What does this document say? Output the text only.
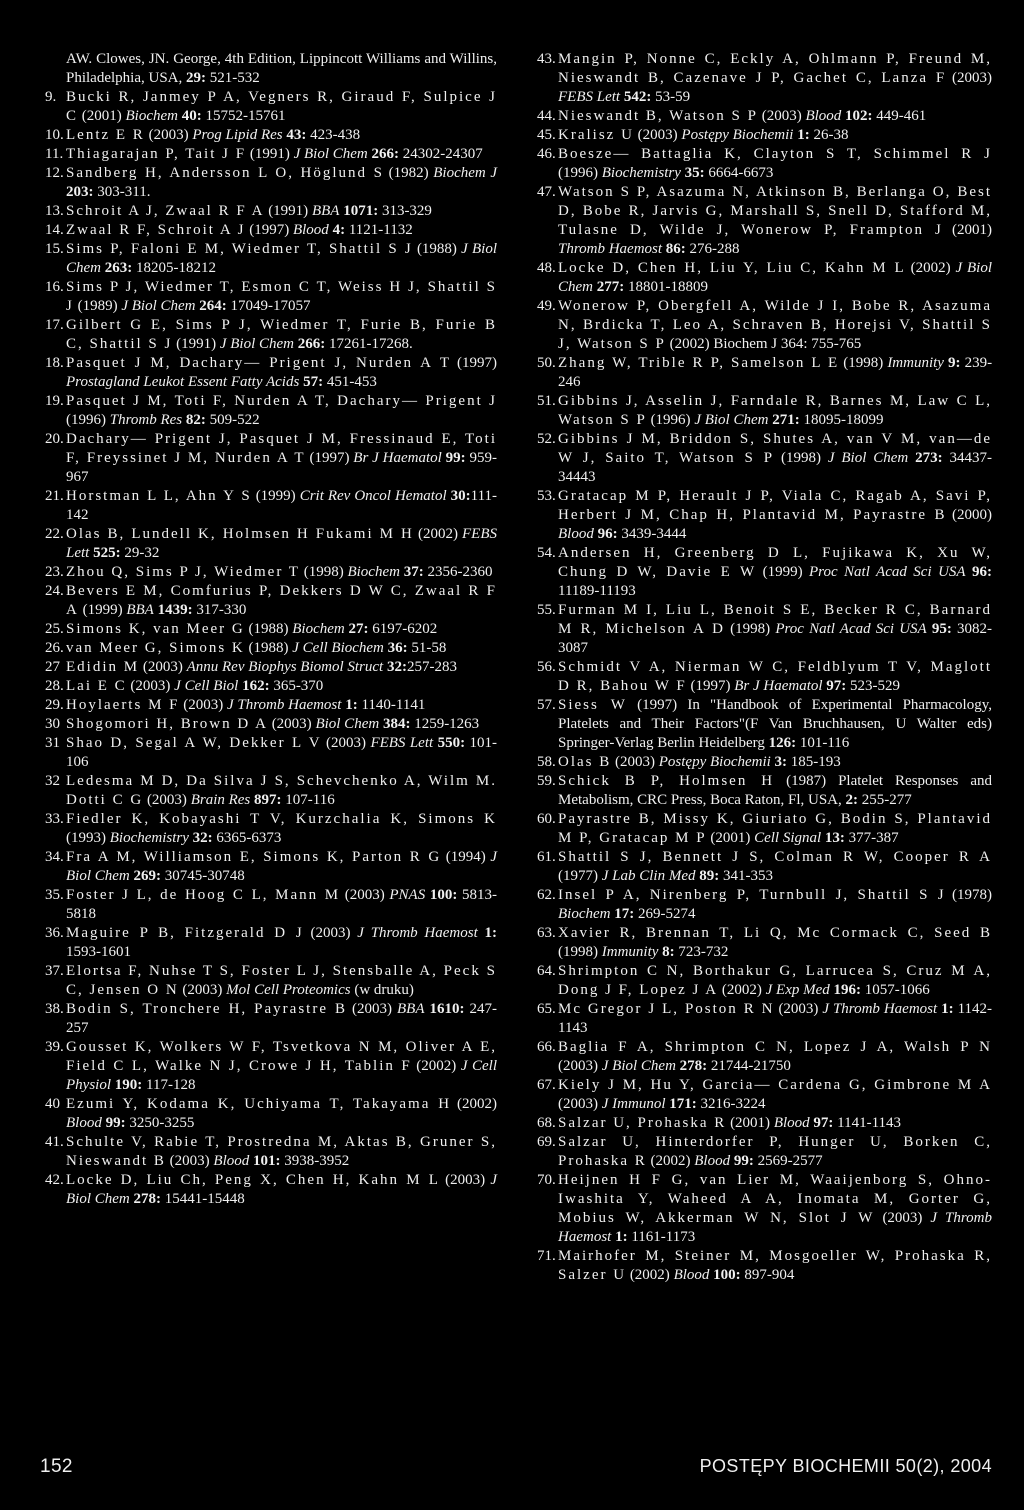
AW. Clowes, JN. George, 4th Edition, Lippincott Williams and Willins, Philadelphia, USA, 29: 521-532
9. Bucki R, Janmey P A, Vegners R, Giraud F, Sulpice J C (2001) Biochem 40: 15752-15761
10. Lentz E R (2003) Prog Lipid Res 43: 423-438
11. Thiagarajan P, Tait J F (1991) J Biol Chem 266: 24302-24307
12. Sandberg H, Andersson L O, Höglund S (1982) Biochem J 203: 303-311.
13. Schroit A J, Zwaal R F A (1991) BBA 1071: 313-329
14. Zwaal R F, Schroit A J (1997) Blood 4: 1121-1132
15. Sims P, Faloni E M, Wiedmer T, Shattil S J (1988) J Biol Chem 263: 18205-18212
16. Sims P J, Wiedmer T, Esmon C T, Weiss H J, Shattil S J (1989) J Biol Chem 264: 17049-17057
17. Gilbert G E, Sims P J, Wiedmer T, Furie B, Furie B C, Shattil S J (1991) J Biol Chem 266: 17261-17268.
18. Pasquet J M, Dachary— Prigent J, Nurden A T (1997) Prostagland Leukot Essent Fatty Acids 57: 451-453
19. Pasquet J M, Toti F, Nurden A T, Dachary— Prigent J (1996) Thromb Res 82: 509-522
20. Dachary— Prigent J, Pasquet J M, Fressinaud E, Toti F, Freyssinet J M, Nurden A T (1997) Br J Haematol 99: 959-967
21. Horstman L L, Ahn Y S (1999) Crit Rev Oncol Hematol 30:111-142
22. Olas B, Lundell K, Holmsen H Fukami M H (2002) FEBS Lett 525: 29-32
23. Zhou Q, Sims P J, Wiedmer T (1998) Biochem 37: 2356-2360
24. Bevers E M, Comfurius P, Dekkers D W C, Zwaal R F A (1999) BBA 1439: 317-330
25. Simons K, van Meer G (1988) Biochem 27: 6197-6202
26. van Meer G, Simons K (1988) J Cell Biochem 36: 51-58
27 Edidin M (2003) Annu Rev Biophys Biomol Struct 32:257-283
28. Lai E C (2003) J Cell Biol 162: 365-370
29. Hoylaerts M F (2003) J Thromb Haemost 1: 1140-1141
30 Shogomori H, Brown D A (2003) Biol Chem 384: 1259-1263
31 Shao D, Segal A W, Dekker L V (2003) FEBS Lett 550: 101-106
32 Ledesma M D, Da Silva J S, Schevchenko A, Wilm M. Dotti C G (2003) Brain Res 897: 107-116
33. Fiedler K, Kobayashi T V, Kurzchalia K, Simons K (1993) Biochemistry 32: 6365-6373
34. Fra A M, Williamson E, Simons K, Parton R G (1994) J Biol Chem 269: 30745-30748
35. Foster J L, de Hoog C L, Mann M (2003) PNAS 100: 5813-5818
36. Maguire P B, Fitzgerald D J (2003) J Thromb Haemost 1: 1593-1601
37. Elortsa F, Nuhse T S, Foster L J, Stensballe A, Peck S C, Jensen O N (2003) Mol Cell Proteomics (w druku)
38. Bodin S, Tronchere H, Payrastre B (2003) BBA 1610: 247-257
39. Gousset K, Wolkers W F, Tsvetkova N M, Oliver A E, Field C L, Walke N J, Crowe J H, Tablin F (2002) J Cell Physiol 190: 117-128
40 Ezumi Y, Kodama K, Uchiyama T, Takayama H (2002) Blood 99: 3250-3255
41. Schulte V, Rabie T, Prostredna M, Aktas B, Gruner S, Nieswandt B (2003) Blood 101: 3938-3952
42. Locke D, Liu Ch, Peng X, Chen H, Kahn M L (2003) J Biol Chem 278: 15441-15448
43. Mangin P, Nonne C, Eckly A, Ohlmann P, Freund M, Nieswandt B, Cazenave J P, Gachet C, Lanza F (2003) FEBS Lett 542: 53-59
44. Nieswandt B, Watson S P (2003) Blood 102: 449-461
45. Kralisz U (2003) Postępy Biochemii 1: 26-38
46. Boesze— Battaglia K, Clayton S T, Schimmel R J (1996) Biochemistry 35: 6664-6673
47. Watson S P, Asazuma N, Atkinson B, Berlanga O, Best D, Bobe R, Jarvis G, Marshall S, Snell D, Stafford M, Tulasne D, Wilde J, Wonerow P, Frampton J (2001) Thromb Haemost 86: 276-288
48. Locke D, Chen H, Liu Y, Liu C, Kahn M L (2002) J Biol Chem 277: 18801-18809
49. Wonerow P, Obergfell A, Wilde J I, Bobe R, Asazuma N, Brdicka T, Leo A, Schraven B, Horejsi V, Shattil S J, Watson S P (2002) Biochem J 364: 755-765
50. Zhang W, Trible R P, Samelson L E (1998) Immunity 9: 239-246
51. Gibbins J, Asselin J, Farndale R, Barnes M, Law C L, Watson S P (1996) J Biol Chem 271: 18095-18099
52. Gibbins J M, Briddon S, Shutes A, van V M, van—de W J, Saito T, Watson S P (1998) J Biol Chem 273: 34437-34443
53. Gratacap M P, Herault J P, Viala C, Ragab A, Savi P, Herbert J M, Chap H, Plantavid M, Payrastre B (2000) Blood 96: 3439-3444
54. Andersen H, Greenberg D L, Fujikawa K, Xu W, Chung D W, Davie E W (1999) Proc Natl Acad Sci USA 96: 11189-11193
55. Furman M I, Liu L, Benoit S E, Becker R C, Barnard M R, Michelson A D (1998) Proc Natl Acad Sci USA 95: 3082-3087
56. Schmidt V A, Nierman W C, Feldblyum T V, Maglott D R, Bahou W F (1997) Br J Haematol 97: 523-529
57. Siess W (1997) In "Handbook of Experimental Pharmacology, Platelets and Their Factors"(F Van Bruchhausen, U Walter eds) Springer-Verlag Berlin Heidelberg 126: 101-116
58. Olas B (2003) Postępy Biochemii 3: 185-193
59. Schick B P, Holmsen H (1987) Platelet Responses and Metabolism, CRC Press, Boca Raton, Fl, USA, 2: 255-277
60. Payrastre B, Missy K, Giuriato G, Bodin S, Plantavid M P, Gratacap M P (2001) Cell Signal 13: 377-387
61. Shattil S J, Bennett J S, Colman R W, Cooper R A (1977) J Lab Clin Med 89: 341-353
62. Insel P A, Nirenberg P, Turnbull J, Shattil S J (1978) Biochem 17: 269-5274
63. Xavier R, Brennan T, Li Q, Mc Cormack C, Seed B (1998) Immunity 8: 723-732
64. Shrimpton C N, Borthakur G, Larrucea S, Cruz M A, Dong J F, Lopez J A (2002) J Exp Med 196: 1057-1066
65. Mc Gregor J L, Poston R N (2003) J Thromb Haemost 1: 1142-1143
66. Baglia F A, Shrimpton C N, Lopez J A, Walsh P N (2003) J Biol Chem 278: 21744-21750
67. Kiely J M, Hu Y, Garcia— Cardena G, Gimbrone M A (2003) J Immunol 171: 3216-3224
68. Salzar U, Prohaska R (2001) Blood 97: 1141-1143
69. Salzar U, Hinterdorfer P, Hunger U, Borken C, Prohaska R (2002) Blood 99: 2569-2577
70. Heijnen H F G, van Lier M, Waaijenborg S, Ohno-Iwashita Y, Waheed A A, Inomata M, Gorter G, Mobius W, Akkerman W N, Slot J W (2003) J Thromb Haemost 1: 1161-1173
71. Mairhofer M, Steiner M, Mosgoeller W, Prohaska R, Salzer U (2002) Blood 100: 897-904
152	POSTĘPY BIOCHEMII 50(2), 2004
